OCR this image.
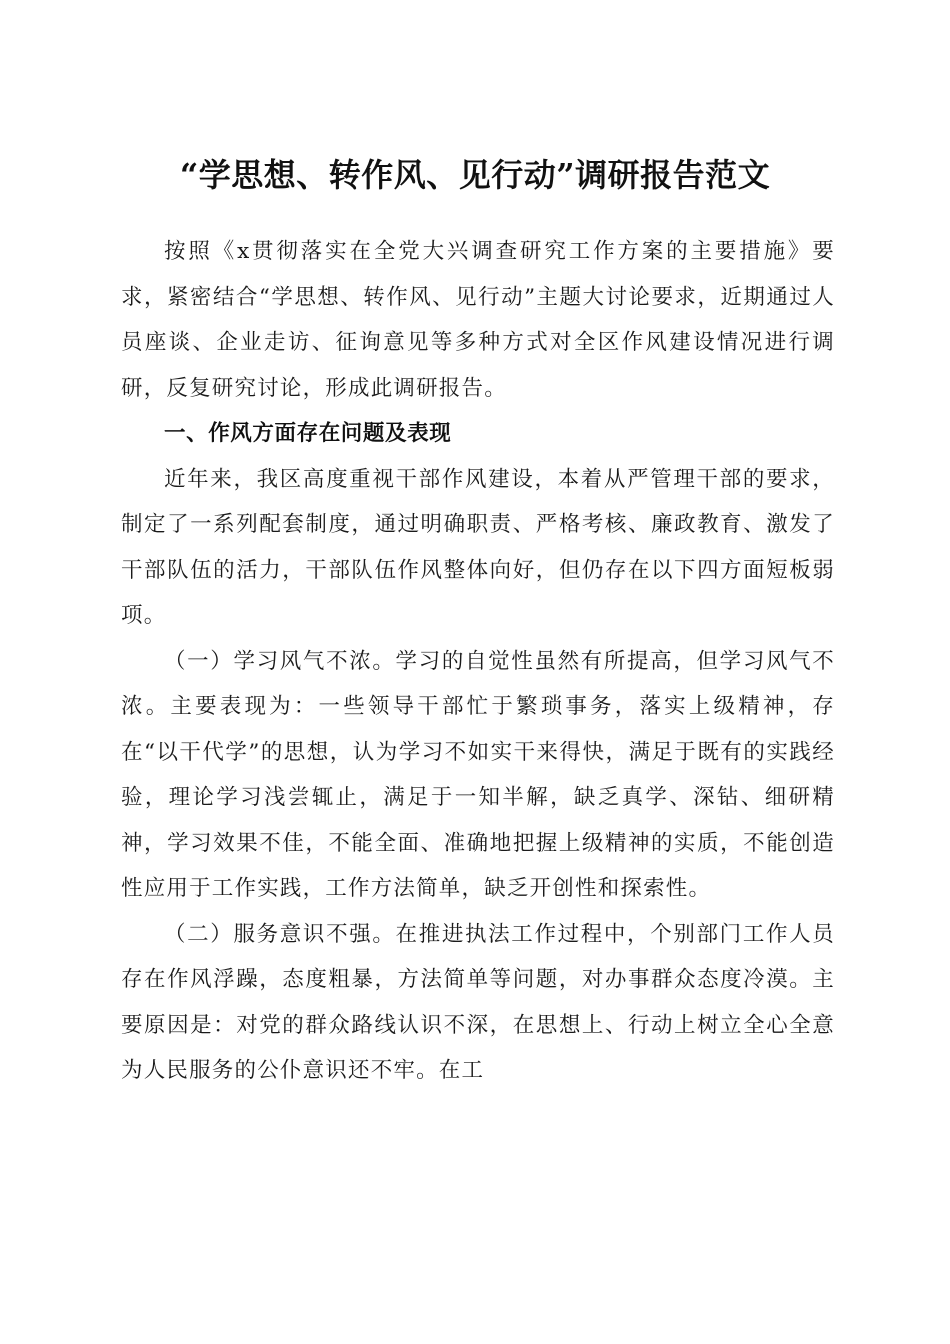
“学思想、转作风、见行动”调研报告范文

按照《x贯彻落实在全党大兴调查研究工作方案的主要措施》要求，紧密结合“学思想、转作风、见行动”主题大讨论要求，近期通过人员座谈、企业走访、征询意见等多种方式对全区作风建设情况进行调研，反复研究讨论，形成此调研报告。

一、作风方面存在问题及表现

近年来，我区高度重视干部作风建设，本着从严管理干部的要求，制定了一系列配套制度，通过明确职责、严格考核、廉政教育、激发了干部队伍的活力，干部队伍作风整体向好，但仍存在以下四方面短板弱项。

（一）学习风气不浓。学习的自觉性虽然有所提高，但学习风气不浓。主要表现为：一些领导干部忙于繁琐事务，落实上级精神，存在“以干代学”的思想，认为学习不如实干来得快，满足于既有的实践经验，理论学习浅尝辄止，满足于一知半解，缺乏真学、深钻、细研精神，学习效果不佳，不能全面、准确地把握上级精神的实质，不能创造性应用于工作实践，工作方法简单，缺乏开创性和探索性。

（二）服务意识不强。在推进执法工作过程中，个别部门工作人员存在作风浮躁，态度粗暴，方法简单等问题，对办事群众态度冷漠。主要原因是：对党的群众路线认识不深，在思想上、行动上树立全心全意为人民服务的公仆意识还不牢。在工
